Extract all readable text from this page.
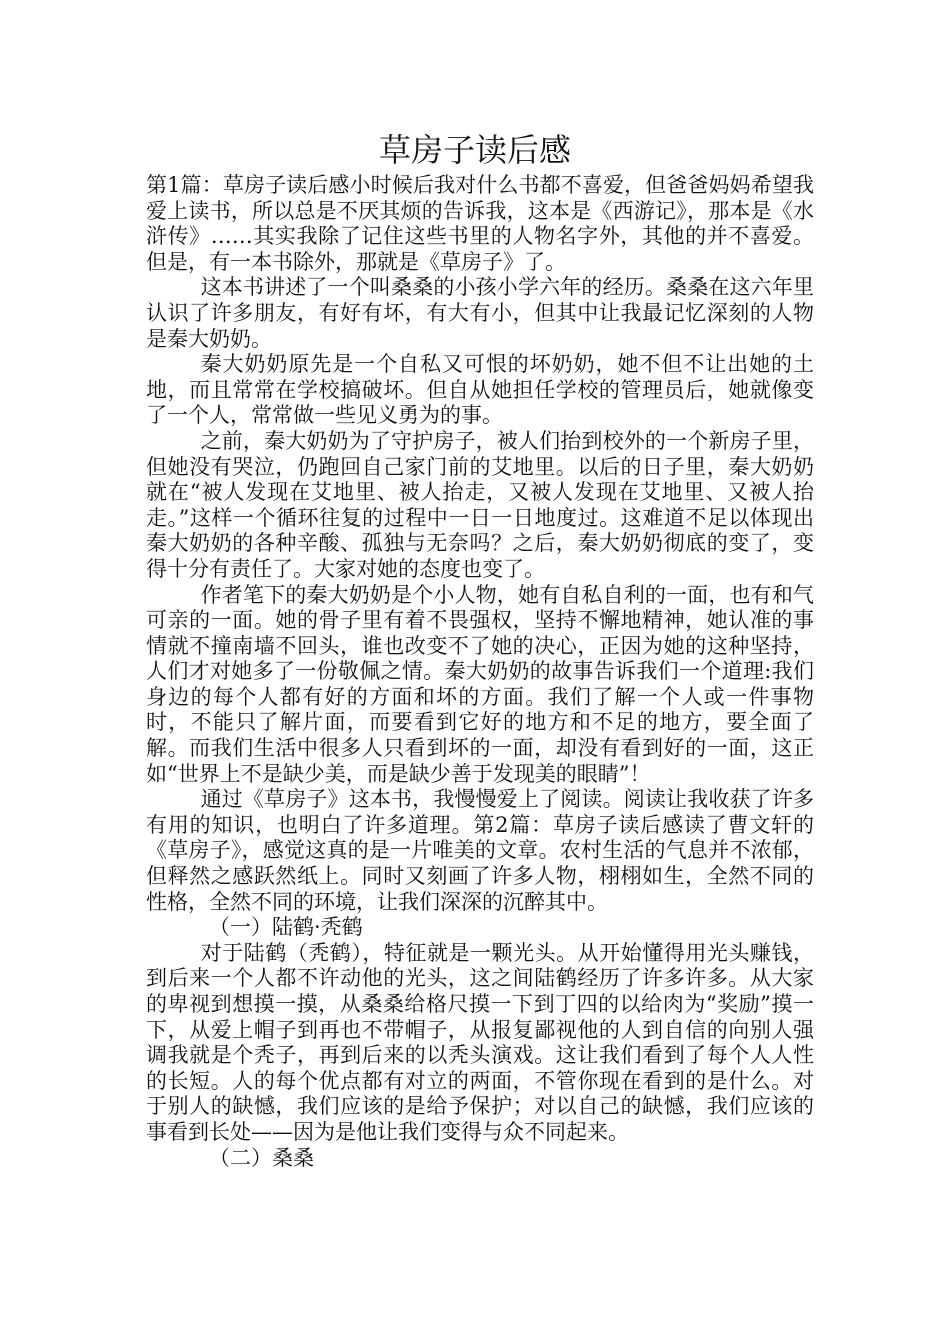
草房子读后感

第1篇：草房子读后感小时候后我对什么书都不喜爱，但爸爸妈妈希望我爱上读书，所以总是不厌其烦的告诉我，这本是《西游记》，那本是《水浒传》……其实我除了记住这些书里的人物名字外，其他的并不喜爱。但是，有一本书除外，那就是《草房子》了。

这本书讲述了一个叫桑桑的小孩小学六年的经历。桑桑在这六年里认识了许多朋友，有好有坏，有大有小，但其中让我最记忆深刻的人物是秦大奶奶。

秦大奶奶原先是一个自私又可恨的坏奶奶，她不但不让出她的土地，而且常常在学校搞破坏。但自从她担任学校的管理员后，她就像变了一个人，常常做一些见义勇为的事。

之前，秦大奶奶为了守护房子，被人们抬到校外的一个新房子里，但她没有哭泣，仍跑回自己家门前的艾地里。以后的日子里，秦大奶奶就在“被人发现在艾地里、被人抬走，又被人发现在艾地里、又被人抬走。”这样一个循环往复的过程中一日一日地度过。这难道不足以体现出秦大奶奶的各种辛酸、孤独与无奈吗？之后，秦大奶奶彻底的变了，变得十分有责任了。大家对她的态度也变了。

作者笔下的秦大奶奶是个小人物，她有自私自利的一面，也有和气可亲的一面。她的骨子里有着不畏强权，坚持不懈地精神，她认准的事情就不撞南墙不回头，谁也改变不了她的决心，正因为她的这种坚持，人们才对她多了一份敬佩之情。秦大奶奶的故事告诉我们一个道理:我们身边的每个人都有好的方面和坏的方面。我们了解一个人或一件事物时，不能只了解片面，而要看到它好的地方和不足的地方，要全面了解。而我们生活中很多人只看到坏的一面，却没有看到好的一面，这正如“世界上不是缺少美，而是缺少善于发现美的眼睛”！

通过《草房子》这本书，我慢慢爱上了阅读。阅读让我收获了许多有用的知识，也明白了许多道理。第2篇：草房子读后感读了曹文轩的《草房子》，感觉这真的是一片唯美的文章。农村生活的气息并不浓郁，但释然之感跃然纸上。同时又刻画了许多人物，栩栩如生，全然不同的性格，全然不同的环境，让我们深深的沉醉其中。

（一）陆鹤·秃鹤

对于陆鹤（秃鹤），特征就是一颗光头。从开始懂得用光头赚钱，到后来一个人都不许动他的光头，这之间陆鹤经历了许多许多。从大家的卑视到想摸一摸，从桑桑给格尺摸一下到丁四的以给肉为“奖励”摸一下，从爱上帽子到再也不带帽子，从报复鄙视他的人到自信的向别人强调我就是个秃子，再到后来的以秃头演戏。这让我们看到了每个人人性的长短。人的每个优点都有对立的两面，不管你现在看到的是什么。对于别人的缺憾，我们应该的是给予保护；对以自己的缺憾，我们应该的事看到长处——因为是他让我们变得与众不同起来。

（二）桑桑
